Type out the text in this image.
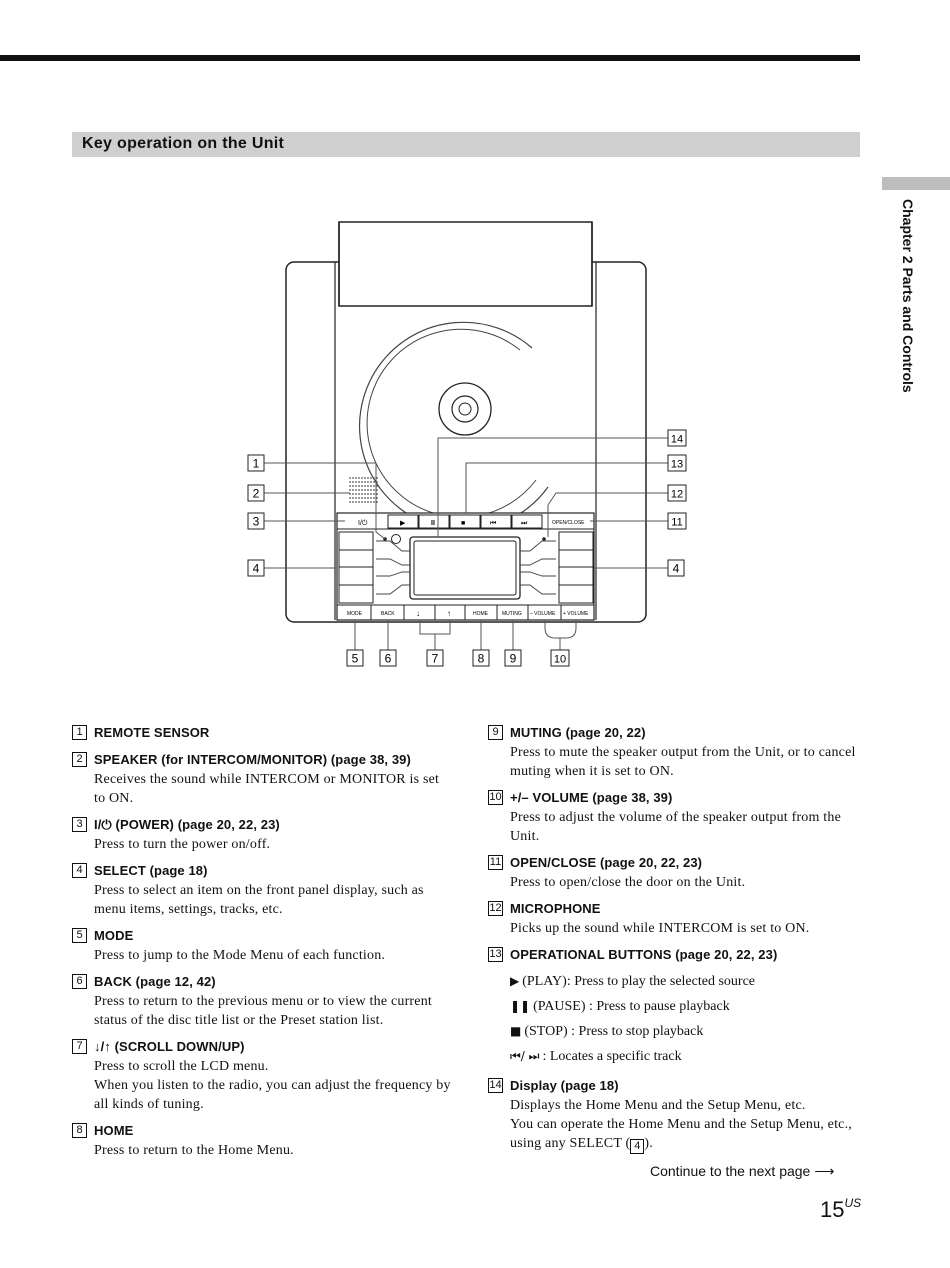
Key operation on the Unit
Chapter 2 Parts and Controls
I/⏻	▶	II	■	⏮	⏭	OPEN/CLOSE
MODE	BACK	↓	↑	HOME	MUTING – VOLUME + VOLUME
1
2
3
4
14
13
12
11
4
5 6	7	8 9	10
1 REMOTE SENSOR
2 SPEAKER (for INTERCOM/MONITOR) (page 38, 39)
Receives the sound while INTERCOM or MONITOR is set to ON.
3 I/⏻ (POWER) (page 20, 22, 23)
Press to turn the power on/off.
4 SELECT (page 18)
Press to select an item on the front panel display, such as menu items, settings, tracks, etc.
5 MODE
Press to jump to the Mode Menu of each function.
6 BACK (page 12, 42)
Press to return to the previous menu or to view the current status of the disc title list or the Preset station list.
7 ↓/↑ (SCROLL DOWN/UP)
Press to scroll the LCD menu.
When you listen to the radio, you can adjust the frequency by all kinds of tuning.
8 HOME
Press to return to the Home Menu.
9 MUTING (page 20, 22)
Press to mute the speaker output from the Unit, or to cancel muting when it is set to ON.
10 +/– VOLUME (page 38, 39)
Press to adjust the volume of the speaker output from the Unit.
11 OPEN/CLOSE (page 20, 22, 23)
Press to open/close the door on the Unit.
12 MICROPHONE
Picks up the sound while INTERCOM is set to ON.
13 OPERATIONAL BUTTONS (page 20, 22, 23)
▶ (PLAY): Press to play the selected source
❚❚ (PAUSE) : Press to pause playback
■ (STOP) : Press to stop playback
⏮/ ⏭ : Locates a specific track
14 Display (page 18)
Displays the Home Menu and the Setup Menu, etc.
You can operate the Home Menu and the Setup Menu, etc., using any SELECT ( 4 ).
Continue to the next page ⟶
$15^{US}$
